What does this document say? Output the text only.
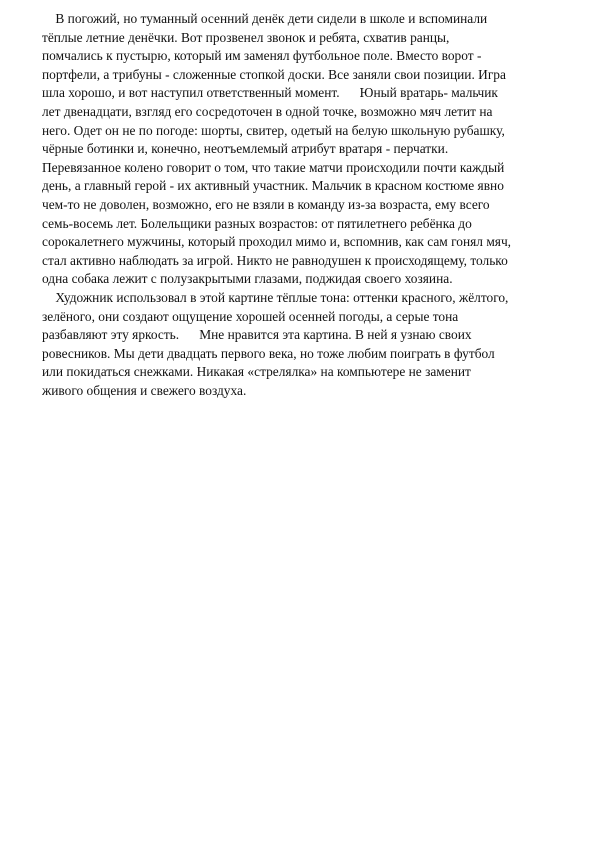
В погожий, но туманный осенний денёк дети сидели в школе и вспоминали
тёплые летние денёчки. Вот прозвенел звонок и ребята, схватив ранцы,
помчались к пустырю, который им заменял футбольное поле. Вместо ворот -
портфели, а трибуны - сложенные стопкой доски. Все заняли свои позиции. Игра
шла хорошо, и вот наступил ответственный момент.      Юный вратарь- мальчик
лет двенадцати, взгляд его сосредоточен в одной точке, возможно мяч летит на
него. Одет он не по погоде: шорты, свитер, одетый на белую школьную рубашку,
чёрные ботинки и, конечно, неотъемлемый атрибут вратаря - перчатки.
Перевязанное колено говорит о том, что такие матчи происходили почти каждый
день, а главный герой - их активный участник. Мальчик в красном костюме явно
чем-то не доволен, возможно, его не взяли в команду из-за возраста, ему всего
семь-восемь лет. Болельщики разных возрастов: от пятилетнего ребёнка до
сорокалетнего мужчины, который проходил мимо и, вспомнив, как сам гонял мяч,
стал активно наблюдать за игрой. Никто не равнодушен к происходящему, только
одна собака лежит с полузакрытыми глазами, поджидая своего хозяина.
Художник использовал в этой картине тёплые тона: оттенки красного, жёлтого,
зелёного, они создают ощущение хорошей осенней погоды, а серые тона
разбавляют эту яркость.      Мне нравится эта картина. В ней я узнаю своих
ровесников. Мы дети двадцать первого века, но тоже любим поиграть в футбол
или покидаться снежками. Никакая «стрелялка» на компьютере не заменит
живого общения и свежего воздуха.
